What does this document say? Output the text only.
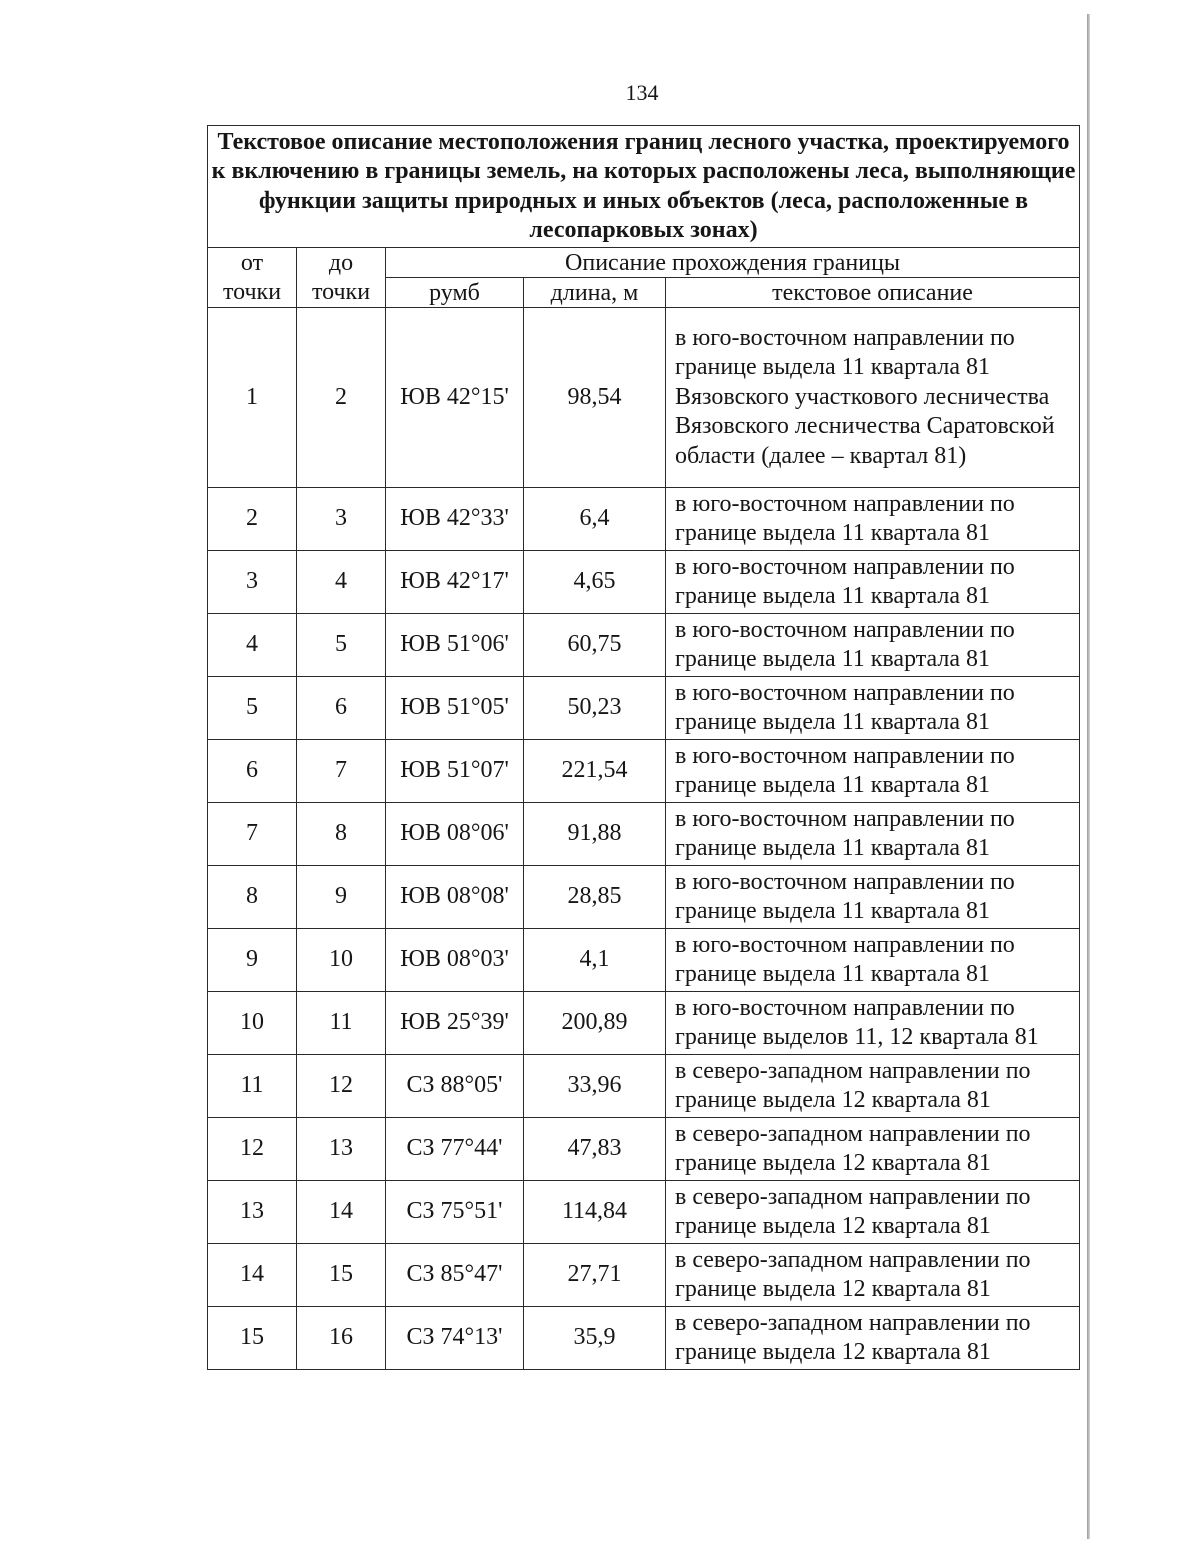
134
Текстовое описание местоположения границ лесного участка, проектируемого к включению в границы земель, на которых расположены леса, выполняющие функции защиты природных и иных объектов (леса, расположенные в лесопарковых зонах)				
от точки	до точки	Описание прохождения границы		
		румб	длина, м	текстовое описание
1	2	ЮВ 42°15'	98,54	в юго-восточном направлении по границе выдела 11 квартала 81 Вязовского участкового лесничества Вязовского лесничества Саратовской области (далее – квартал 81)
2	3	ЮВ 42°33'	6,4	в юго-восточном направлении по границе выдела 11 квартала 81
3	4	ЮВ 42°17'	4,65	в юго-восточном направлении по границе выдела 11 квартала 81
4	5	ЮВ 51°06'	60,75	в юго-восточном направлении по границе выдела 11 квартала 81
5	6	ЮВ 51°05'	50,23	в юго-восточном направлении по границе выдела 11 квартала 81
6	7	ЮВ 51°07'	221,54	в юго-восточном направлении по границе выдела 11 квартала 81
7	8	ЮВ 08°06'	91,88	в юго-восточном направлении по границе выдела 11 квартала 81
8	9	ЮВ 08°08'	28,85	в юго-восточном направлении по границе выдела 11 квартала 81
9	10	ЮВ 08°03'	4,1	в юго-восточном направлении по границе выдела 11 квартала 81
10	11	ЮВ 25°39'	200,89	в юго-восточном направлении по границе выделов 11, 12 квартала 81
11	12	СЗ 88°05'	33,96	в северо-западном направлении по границе выдела 12 квартала 81
12	13	СЗ 77°44'	47,83	в северо-западном направлении по границе выдела 12 квартала 81
13	14	СЗ 75°51'	114,84	в северо-западном направлении по границе выдела 12 квартала 81
14	15	СЗ 85°47'	27,71	в северо-западном направлении по границе выдела 12 квартала 81
15	16	СЗ 74°13'	35,9	в северо-западном направлении по границе выдела 12 квартала 81
